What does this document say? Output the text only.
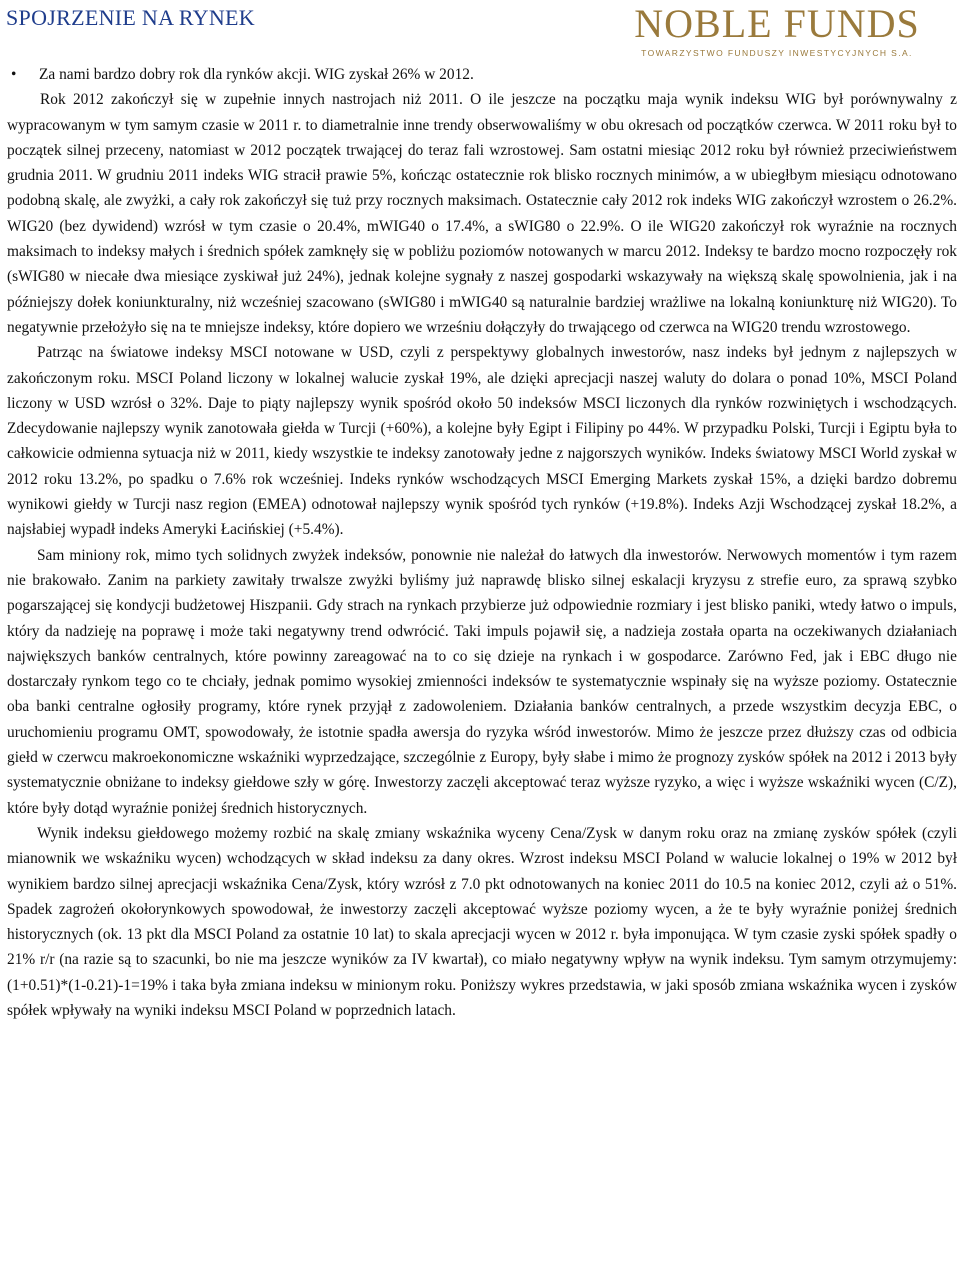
SPOJRZENIE NA RYNEK	NOBLE FUNDS
TOWARZYSTWO FUNDUSZY INWESTYCYJNYCH S.A.
• Za nami bardzo dobry rok dla rynków akcji. WIG zyskał 26% w 2012.

Rok 2012 zakończył się w zupełnie innych nastrojach niż 2011. O ile jeszcze na początku maja wynik indeksu WIG był porównywalny z wypracowanym w tym samym czasie w 2011 r. to diametralnie inne trendy obserwowaliśmy w obu okresach od początków czerwca. W 2011 roku był to początek silnej przeceny, natomiast w 2012 początek trwającej do teraz fali wzrostowej. Sam ostatni miesiąc 2012 roku był również przeciwieństwem grudnia 2011. W grudniu 2011 indeks WIG stracił prawie 5%, kończąc ostatecznie rok blisko rocznych minimów, a w ubiegłbym miesiącu odnotowano podobną skalę, ale zwyżki, a cały rok zakończył się tuż przy rocznych maksimach. Ostatecznie cały 2012 rok indeks WIG zakończył wzrostem o 26.2%. WIG20 (bez dywidend) wzrósł w tym czasie o 20.4%, mWIG40 o 17.4%, a sWIG80 o 22.9%. O ile WIG20 zakończył rok wyraźnie na rocznych maksimach to indeksy małych i średnich spółek zamknęły się w pobliżu poziomów notowanych w marcu 2012. Indeksy te bardzo mocno rozpoczęły rok (sWIG80 w niecałe dwa miesiące zyskiwał już 24%), jednak kolejne sygnały z naszej gospodarki wskazywały na większą skalę spowolnienia, jak i na późniejszy dołek koniunkturalny, niż wcześniej szacowano (sWIG80 i mWIG40 są naturalnie bardziej wrażliwe na lokalną koniunkturę niż WIG20). To negatywnie przełożyło się na te mniejsze indeksy, które dopiero we wrześniu dołączyły do trwającego od czerwca na WIG20 trendu wzrostowego.

Patrząc na światowe indeksy MSCI notowane w USD, czyli z perspektywy globalnych inwestorów, nasz indeks był jednym z najlepszych w zakończonym roku. MSCI Poland liczony w lokalnej walucie zyskał 19%, ale dzięki aprecjacji naszej waluty do dolara o ponad 10%, MSCI Poland liczony w USD wzrósł o 32%. Daje to piąty najlepszy wynik spośród około 50 indeksów MSCI liczonych dla rynków rozwiniętych i wschodzących. Zdecydowanie najlepszy wynik zanotowała giełda w Turcji (+60%), a kolejne były Egipt i Filipiny po 44%. W przypadku Polski, Turcji i Egiptu była to całkowicie odmienna sytuacja niż w 2011, kiedy wszystkie te indeksy zanotowały jedne z najgorszych wyników. Indeks światowy MSCI World zyskał w 2012 roku 13.2%, po spadku o 7.6% rok wcześniej. Indeks rynków wschodzących MSCI Emerging Markets zyskał 15%, a dzięki bardzo dobremu wynikowi giełdy w Turcji nasz region (EMEA) odnotował najlepszy wynik spośród tych rynków (+19.8%). Indeks Azji Wschodzącej zyskał 18.2%, a najsłabiej wypadł indeks Ameryki Łacińskiej (+5.4%).

Sam miniony rok, mimo tych solidnych zwyżek indeksów, ponownie nie należał do łatwych dla inwestorów. Nerwowych momentów i tym razem nie brakowało. Zanim na parkiety zawitały trwalsze zwyżki byliśmy już naprawdę blisko silnej eskalacji kryzysu z strefie euro, za sprawą szybko pogarszającej się kondycji budżetowej Hiszpanii. Gdy strach na rynkach przybierze już odpowiednie rozmiary i jest blisko paniki, wtedy łatwo o impuls, który da nadzieję na poprawę i może taki negatywny trend odwrócić. Taki impuls pojawił się, a nadzieja została oparta na oczekiwanych działaniach największych banków centralnych, które powinny zareagować na to co się dzieje na rynkach i w gospodarce. Zarówno Fed, jak i EBC długo nie dostarczały rynkom tego co te chciały, jednak pomimo wysokiej zmienności indeksów te systematycznie wspinały się na wyższe poziomy. Ostatecznie oba banki centralne ogłosiły programy, które rynek przyjął z zadowoleniem. Działania banków centralnych, a przede wszystkim decyzja EBC, o uruchomieniu programu OMT, spowodowały, że istotnie spadła awersja do ryzyka wśród inwestorów. Mimo że jeszcze przez dłuższy czas od odbicia giełd w czerwcu makroekonomiczne wskaźniki wyprzedzające, szczególnie z Europy, były słabe i mimo że prognozy zysków spółek na 2012 i 2013 były systematycznie obniżane to indeksy giełdowe szły w górę. Inwestorzy zaczęli akceptować teraz wyższe ryzyko, a więc i wyższe wskaźniki wycen (C/Z), które były dotąd wyraźnie poniżej średnich historycznych.

Wynik indeksu giełdowego możemy rozbić na skalę zmiany wskaźnika wyceny Cena/Zysk w danym roku oraz na zmianę zysków spółek (czyli mianownik we wskaźniku wycen) wchodzących w skład indeksu za dany okres. Wzrost indeksu MSCI Poland w walucie lokalnej o 19% w 2012 był wynikiem bardzo silnej aprecjacji wskaźnika Cena/Zysk, który wzrósł z 7.0 pkt odnotowanych na koniec 2011 do 10.5 na koniec 2012, czyli aż o 51%. Spadek zagrożeń okołorynkowych spowodował, że inwestorzy zaczęli akceptować wyższe poziomy wycen, a że te były wyraźnie poniżej średnich historycznych (ok. 13 pkt dla MSCI Poland za ostatnie 10 lat) to skala aprecjacji wycen w 2012 r. była imponująca. W tym czasie zyski spółek spadły o 21% r/r (na razie są to szacunki, bo nie ma jeszcze wyników za IV kwartał), co miało negatywny wpływ na wynik indeksu. Tym samym otrzymujemy: (1+0.51)*(1-0.21)-1=19% i taka była zmiana indeksu w minionym roku. Poniższy wykres przedstawia, w jaki sposób zmiana wskaźnika wycen i zysków spółek wpływały na wyniki indeksu MSCI Poland w poprzednich latach.
